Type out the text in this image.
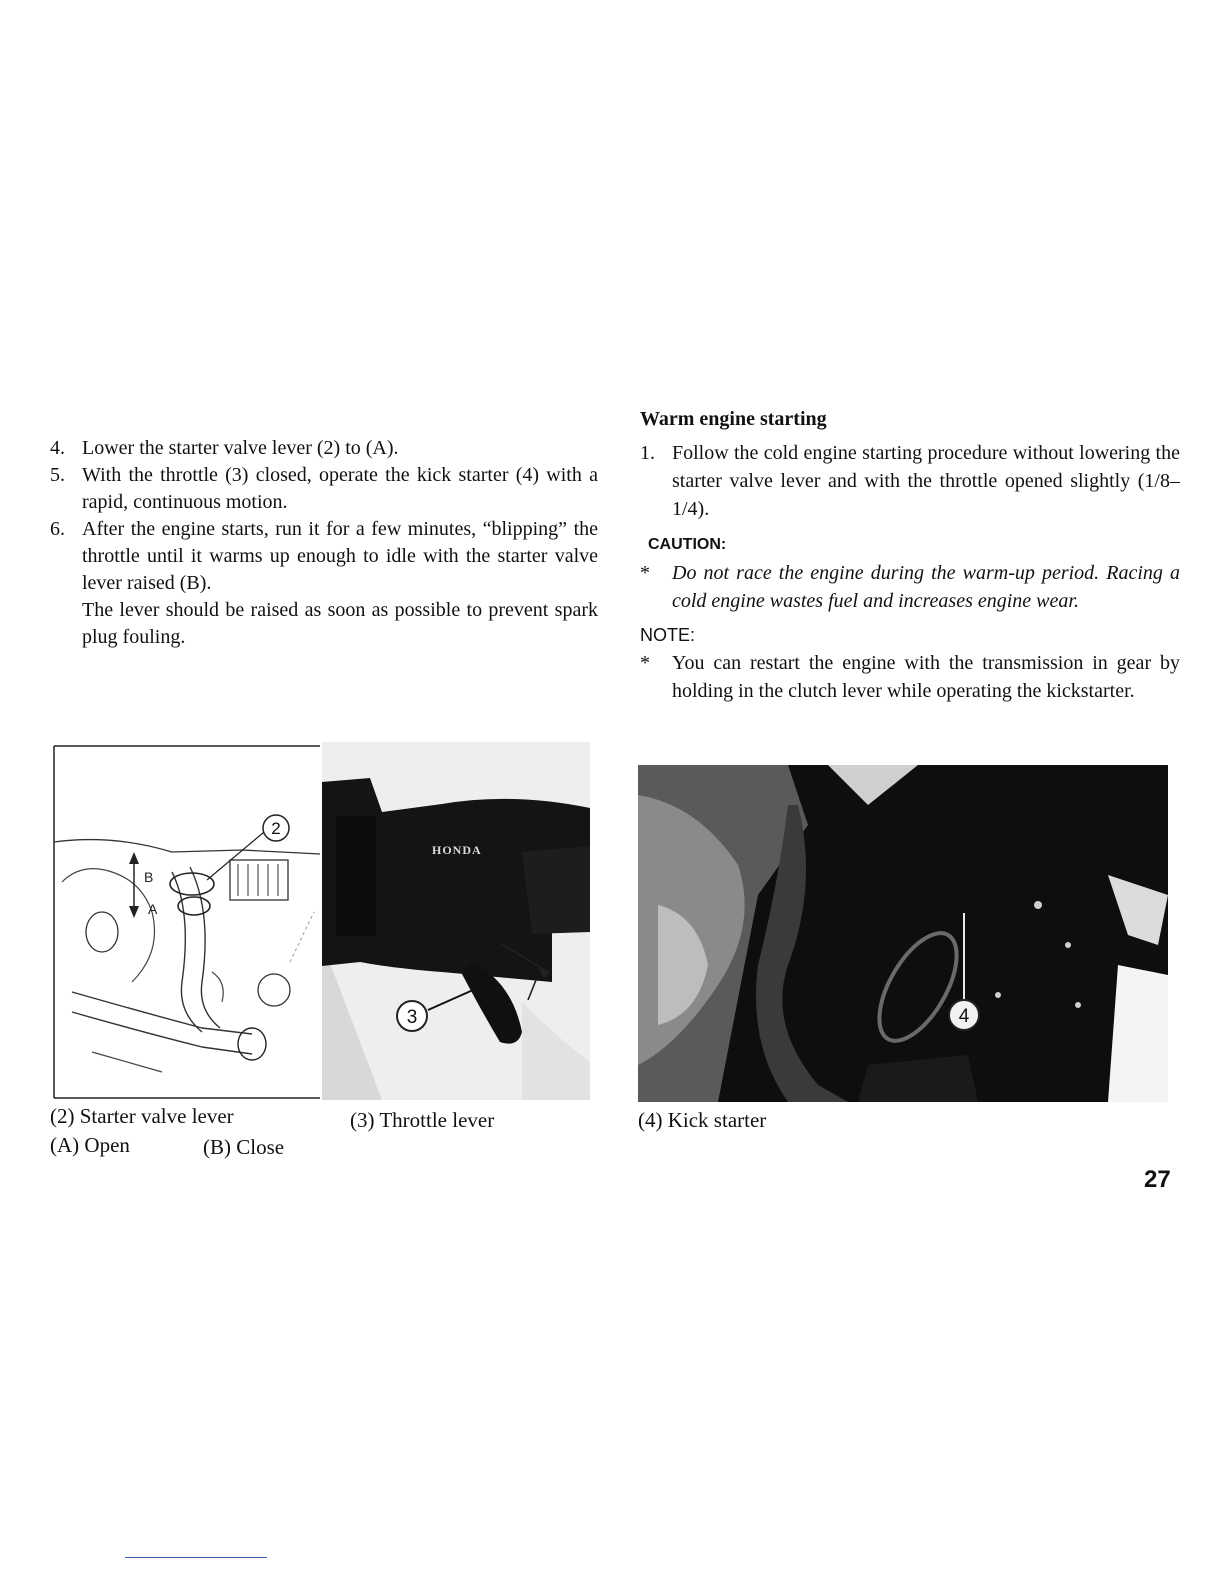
4. Lower the starter valve lever (2) to (A).
5. With the throttle (3) closed, operate the kick starter (4) with a rapid, continuous motion.
6. After the engine starts, run it for a few minutes, “blipping” the throttle until it warms up enough to idle with the starter valve lever raised (B).
The lever should be raised as soon as possible to prevent spark plug fouling.
Warm engine starting
1. Follow the cold engine starting procedure without lowering the starter valve lever and with the throttle opened slightly (1/8–1/4).
CAUTION:
* Do not race the engine during the warm-up period. Racing a cold engine wastes fuel and increases engine wear.
NOTE:
* You can restart the engine with the transmission in gear by holding in the clutch lever while operating the kickstarter.
B
A
2
HONDA
3	4
(2) Starter valve lever
(A) Open	(B) Close
(3) Throttle lever	(4) Kick starter
27
